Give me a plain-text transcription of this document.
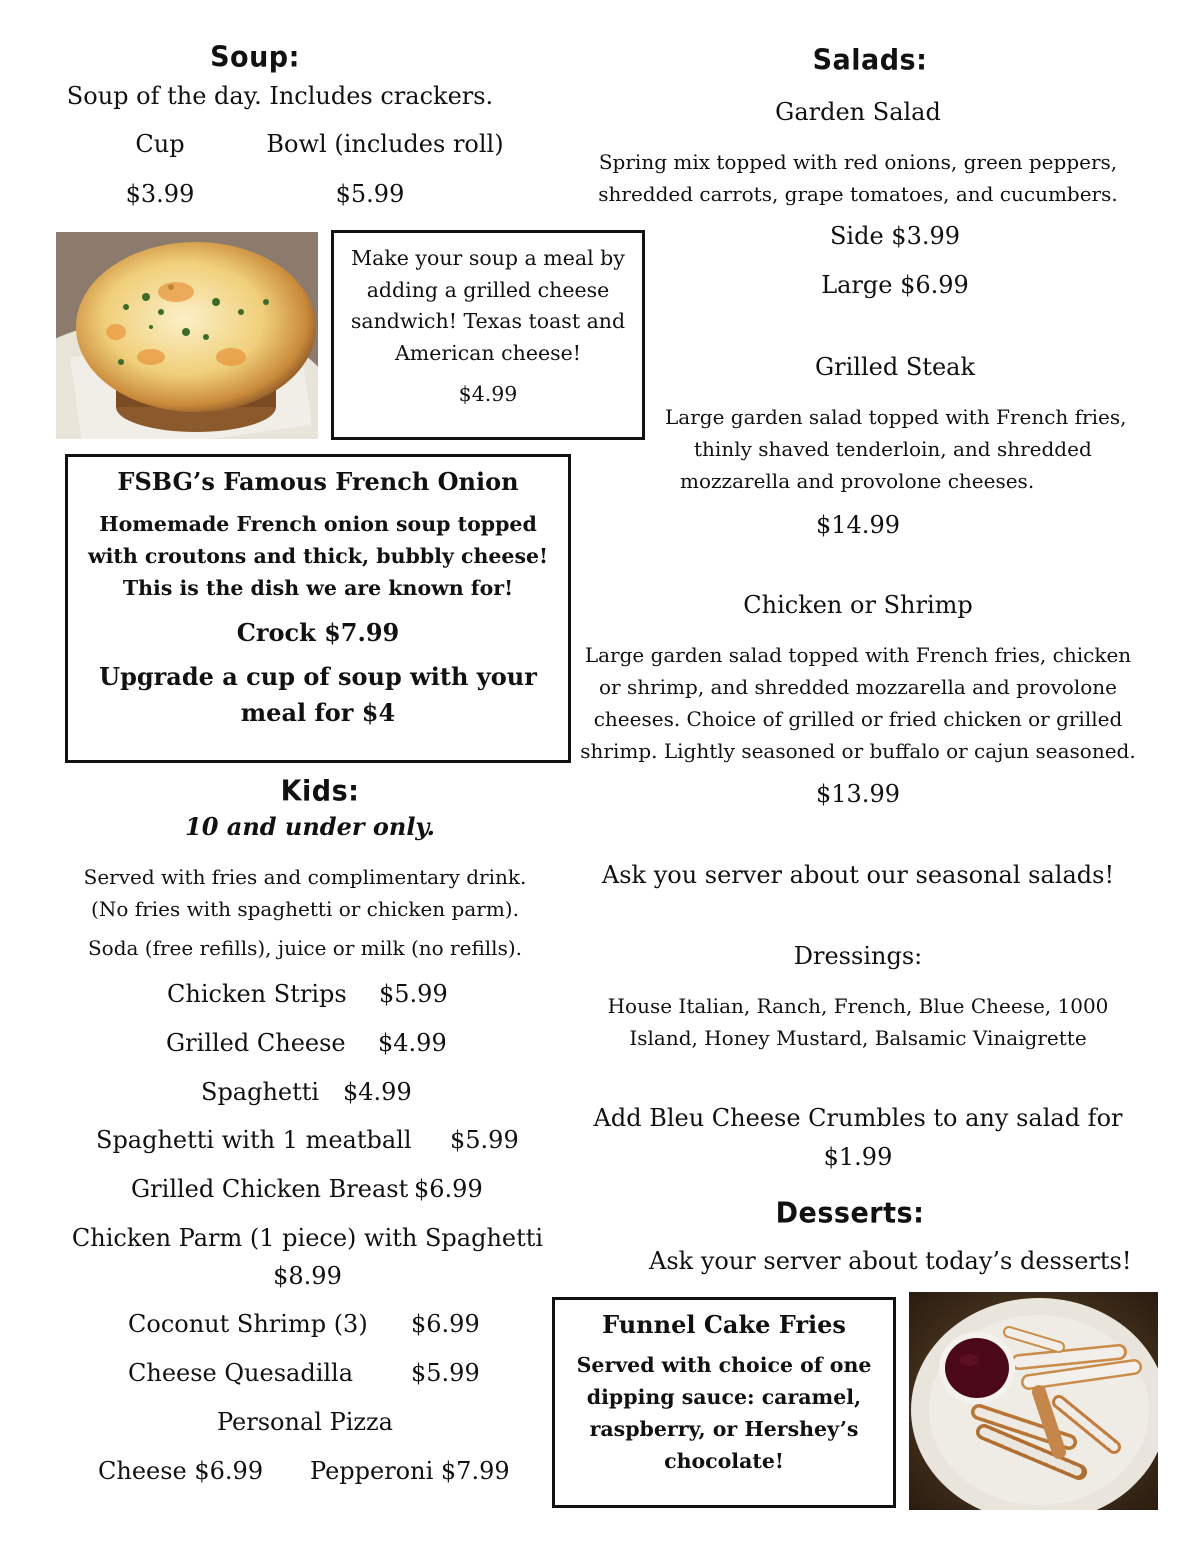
Soup:
Soup of the day. Includes crackers.
Cup	Bowl (includes roll)
$3.99	$5.99
Make your soup a meal by
adding a grilled cheese
sandwich! Texas toast and
American cheese!
$4.99
FSBG’s Famous French Onion
Homemade French onion soup topped
with croutons and thick, bubbly cheese!
This is the dish we are known for!
Crock $7.99
Upgrade a cup of soup with your
meal for $4
Kids:
10 and under only.
Served with fries and complimentary drink.
(No fries with spaghetti or chicken parm).
Soda (free refills), juice or milk (no refills).
Chicken Strips $5.99
Grilled Cheese $4.99
Spaghetti $4.99
Spaghetti with 1 meatball $5.99
Grilled Chicken Breast $6.99
Chicken Parm (1 piece) with Spaghetti
$8.99
Coconut Shrimp (3) $6.99
Cheese Quesadilla $5.99
Personal Pizza
Cheese $6.99 Pepperoni $7.99
Salads:
Garden Salad
Spring mix topped with red onions, green peppers,
shredded carrots, grape tomatoes, and cucumbers.
Side $3.99
Large $6.99
Grilled Steak
Large garden salad topped with French fries,
thinly shaved tenderloin, and shredded
mozzarella and provolone cheeses.
$14.99
Chicken or Shrimp
Large garden salad topped with French fries, chicken
or shrimp, and shredded mozzarella and provolone
cheeses. Choice of grilled or fried chicken or grilled
shrimp. Lightly seasoned or buffalo or cajun seasoned.
$13.99
Ask you server about our seasonal salads!
Dressings:
House Italian, Ranch, French, Blue Cheese, 1000
Island, Honey Mustard, Balsamic Vinaigrette
Add Bleu Cheese Crumbles to any salad for
$1.99
Desserts:
Ask your server about today’s desserts!
Funnel Cake Fries
Served with choice of one
dipping sauce: caramel,
raspberry, or Hershey’s
chocolate!
